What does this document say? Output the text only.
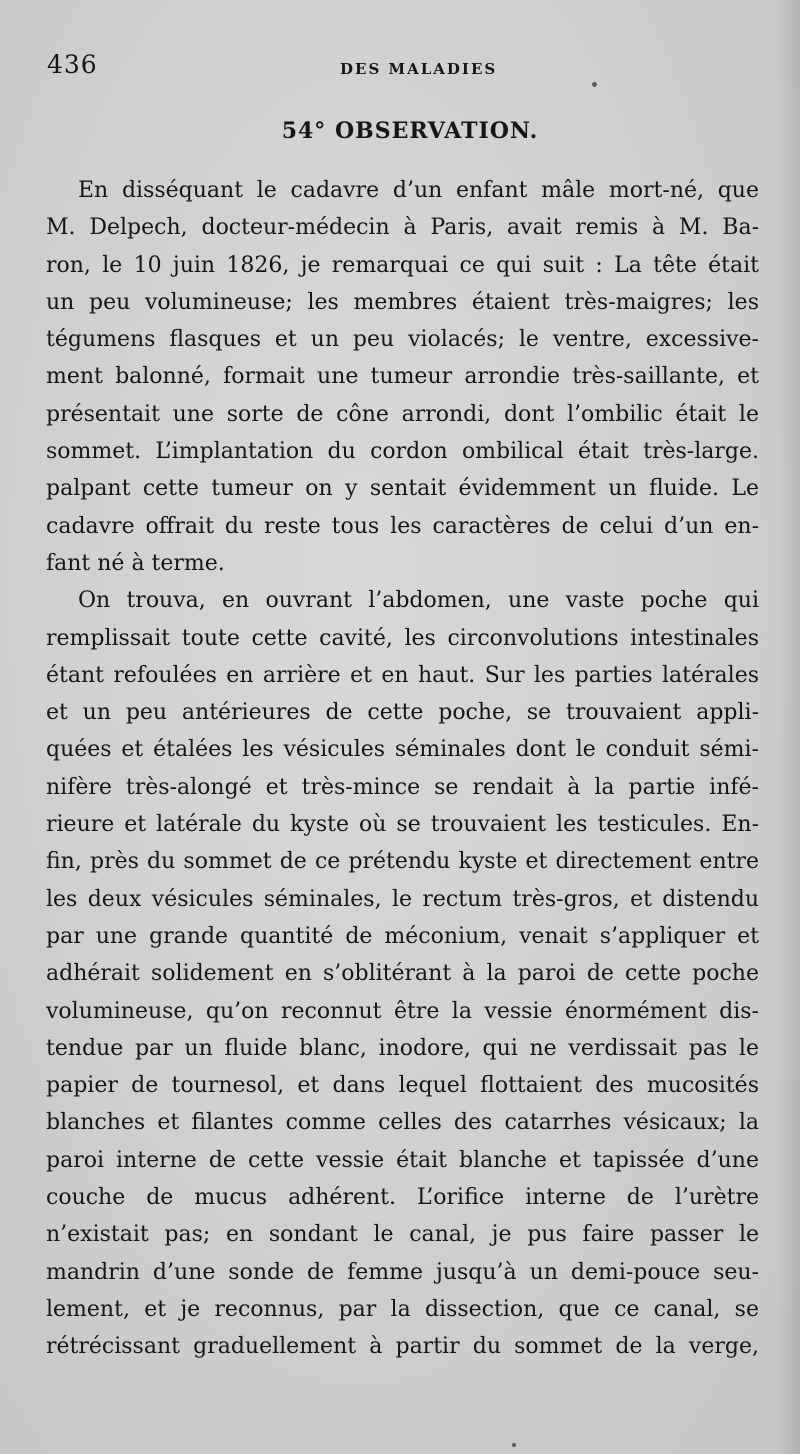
436	DES MALADIES
54° OBSERVATION.
En disséquant le cadavre d’un enfant mâle mort-né, que
M. Delpech, docteur-médecin à Paris, avait remis à M. Ba-
ron, le 10 juin 1826, je remarquai ce qui suit : La tête était
un peu volumineuse; les membres étaient très-maigres; les
tégumens flasques et un peu violacés; le ventre, excessive-
ment balonné, formait une tumeur arrondie très-saillante, et
présentait une sorte de cône arrondi, dont l’ombilic était le
sommet. L’implantation du cordon ombilical était très-large.
palpant cette tumeur on y sentait évidemment un fluide. Le
cadavre offrait du reste tous les caractères de celui d’un en-
fant né à terme.
On trouva, en ouvrant l’abdomen, une vaste poche qui
remplissait toute cette cavité, les circonvolutions intestinales
étant refoulées en arrière et en haut. Sur les parties latérales
et un peu antérieures de cette poche, se trouvaient appli-
quées et étalées les vésicules séminales dont le conduit sémi-
nifère très-alongé et très-mince se rendait à la partie infé-
rieure et latérale du kyste où se trouvaient les testicules. En-
fin, près du sommet de ce prétendu kyste et directement entre
les deux vésicules séminales, le rectum très-gros, et distendu
par une grande quantité de méconium, venait s’appliquer et
adhérait solidement en s’oblitérant à la paroi de cette poche
volumineuse, qu’on reconnut être la vessie énormément dis-
tendue par un fluide blanc, inodore, qui ne verdissait pas le
papier de tournesol, et dans lequel flottaient des mucosités
blanches et filantes comme celles des catarrhes vésicaux; la
paroi interne de cette vessie était blanche et tapissée d’une
couche de mucus adhérent. L’orifice interne de l’urètre
n’existait pas; en sondant le canal, je pus faire passer le
mandrin d’une sonde de femme jusqu’à un demi-pouce seu-
lement, et je reconnus, par la dissection, que ce canal, se
rétrécissant graduellement à partir du sommet de la verge,
